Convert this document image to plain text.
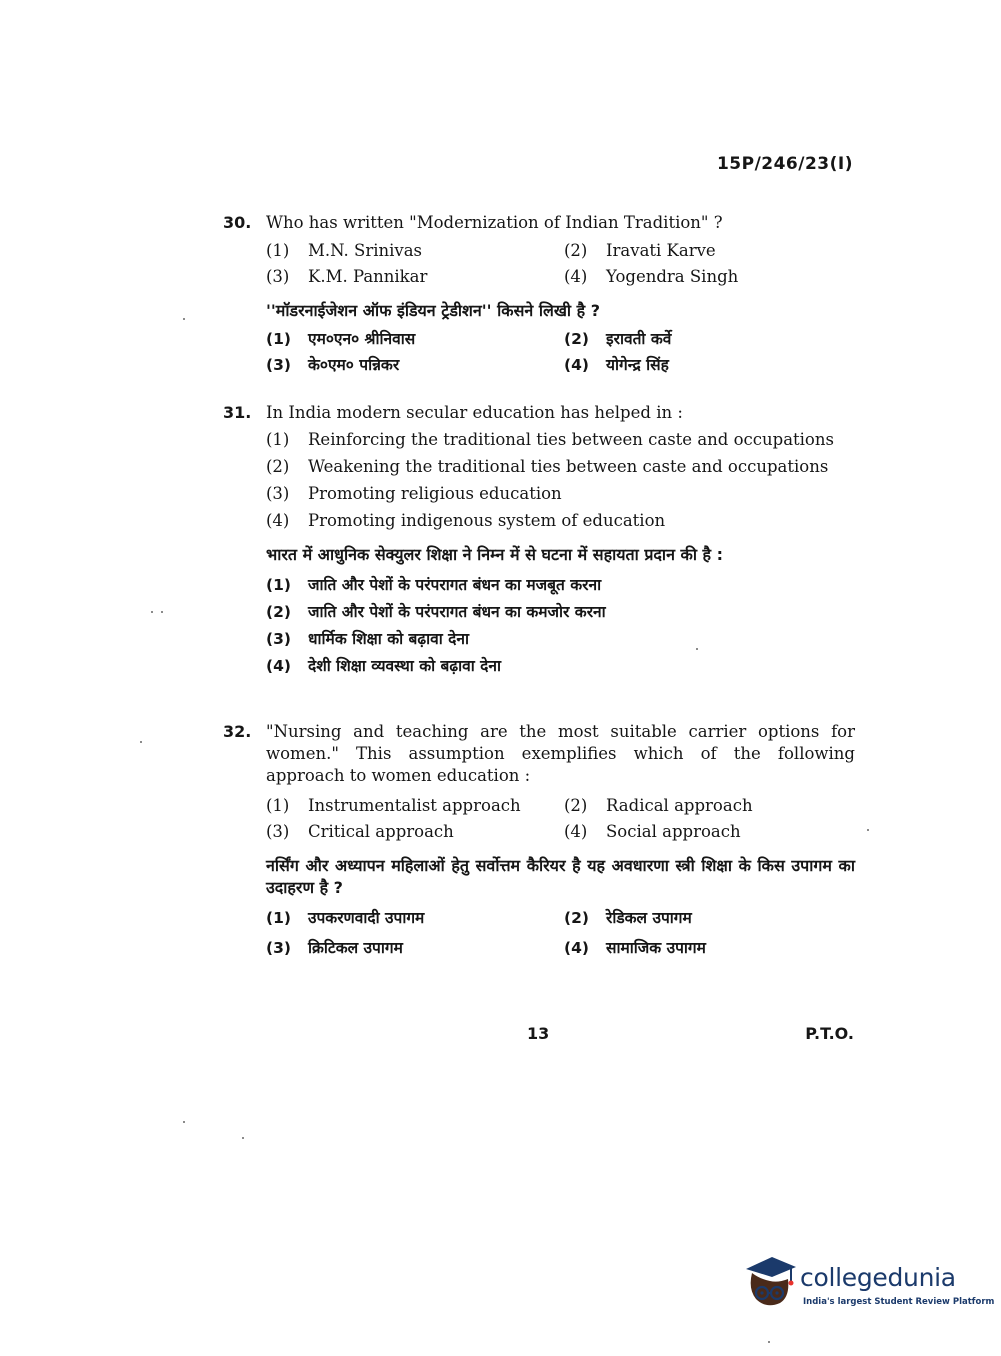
15P/246/23(I)
30. Who has written "Modernization of Indian Tradition" ?
(1)	M.N. Srinivas	(2)	Iravati Karve
(3)	K.M. Pannikar	(4)	Yogendra Singh
''मॉडरनाईजेशन ऑफ इंडियन ट्रेडीशन'' किसने लिखी है ?
(1)	एम०एन० श्रीनिवास	(2)	इरावती कर्वे
(3)	के०एम० पन्निकर	(4)	योगेन्द्र सिंह
31. In India modern secular education has helped in :
(1)	Reinforcing the traditional ties between caste and occupations
(2)	Weakening the traditional ties between caste and occupations
(3)	Promoting religious education
(4)	Promoting indigenous system of education
भारत में आधुनिक सेक्युलर शिक्षा ने निम्न में से घटना में सहायता प्रदान की है :
(1)	जाति और पेशों के परंपरागत बंधन का मजबूत करना
(2)	जाति और पेशों के परंपरागत बंधन का कमजोर करना
(3)	धार्मिक शिक्षा को बढ़ावा देना
(4)	देशी शिक्षा व्यवस्था को बढ़ावा देना
32. "Nursing and teaching are the most suitable carrier options for women." This assumption exemplifies which of the following approach to women education :
(1)	Instrumentalist approach	(2)	Radical approach
(3)	Critical approach	(4)	Social approach
नर्सिंग और अध्यापन महिलाओं हेतु सर्वोत्तम कैरियर है यह अवधारणा स्त्री शिक्षा के किस उपागम का उदाहरण है ?
(1)	उपकरणवादी उपागम	(2)	रेडिकल उपागम
(3)	क्रिटिकल उपागम	(4)	सामाजिक उपागम
13	P.T.O.
collegedunia
India's largest Student Review Platform
